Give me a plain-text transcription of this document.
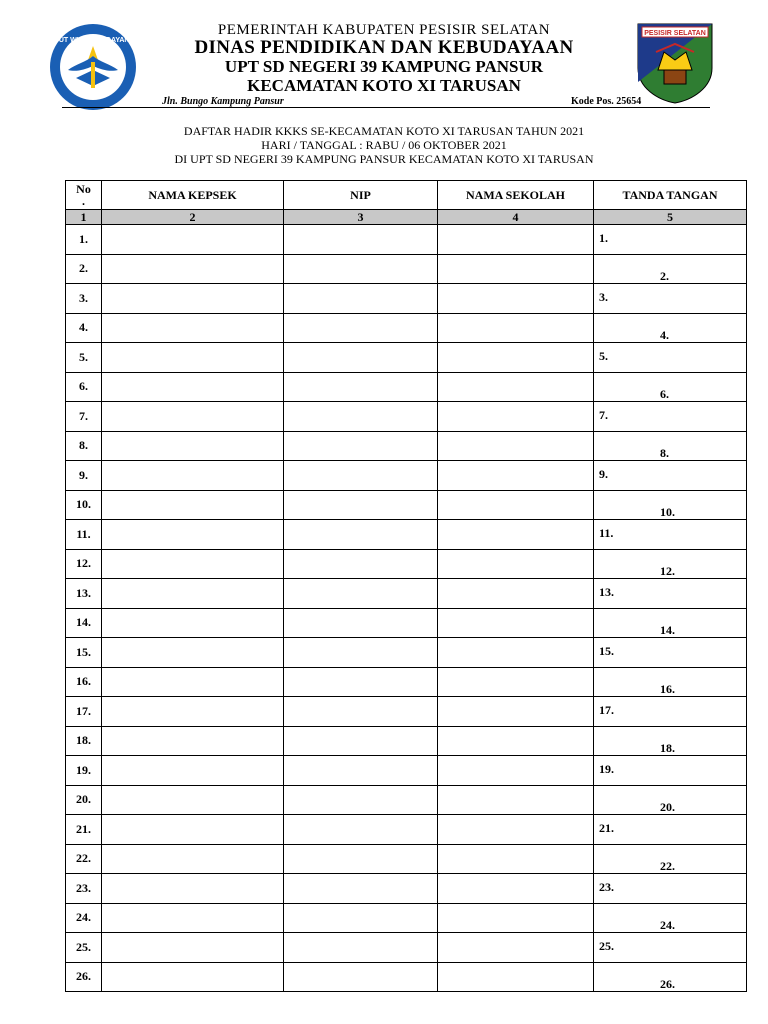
TUT WURI HANDAYANI
PEMERINTAH KABUPATEN PESISIR SELATAN
DINAS PENDIDIKAN DAN KEBUDAYAAN
UPT SD NEGERI 39 KAMPUNG PANSUR
KECAMATAN KOTO XI TARUSAN
Jln. Bungo Kampung Pansur	Kode Pos. 25654
PESISIR SELATAN
DAFTAR HADIR KKKS SE-KECAMATAN KOTO XI TARUSAN TAHUN 2021
HARI / TANGGAL : RABU / 06 OKTOBER 2021
DI UPT SD NEGERI 39 KAMPUNG PANSUR KECAMATAN KOTO XI TARUSAN
No
.	NAMA KEPSEK	NIP	NAMA SEKOLAH	TANDA TANGAN
1	2	3	4	5
1.				1.

2.				2.

3.				3.

4.				4.

5.				5.

6.				6.

7.				7.

8.				8.

9.				9.

10.				10.

11.				11.

12.				12.

13.				13.

14.				14.

15.				15.

16.				16.

17.				17.

18.				18.

19.				19.

20.				20.

21.				21.

22.				22.

23.				23.

24.				24.

25.				25.

26.				26.
